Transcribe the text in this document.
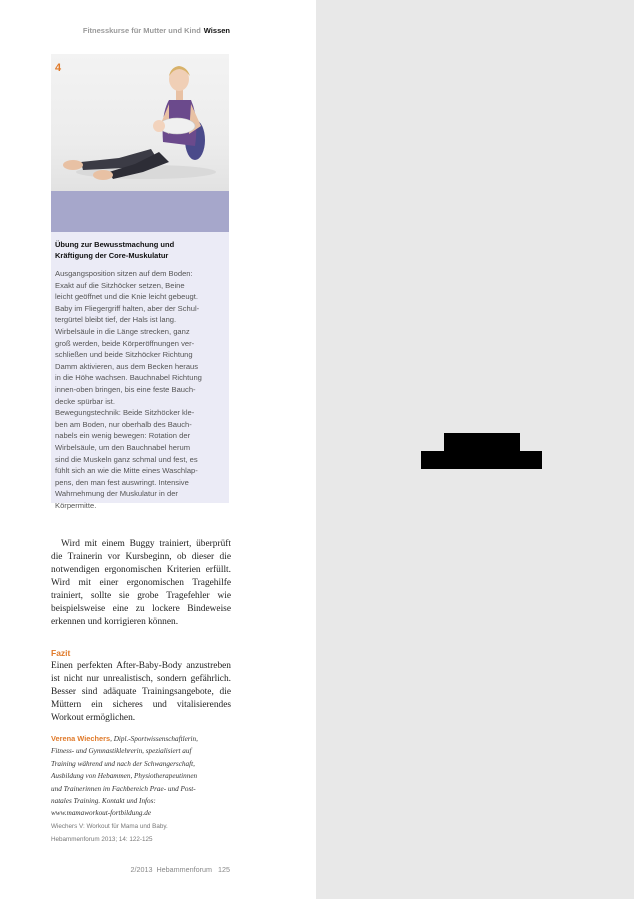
Fitnesskurse für Mutter und Kind Wissen
4
Übung zur Bewusstmachung und
Kräftigung der Core-Muskulatur

Ausgangsposition sitzen auf dem Boden:

Exakt auf die Sitzhöcker setzen, Beine

leicht geöffnet und die Knie leicht gebeugt.

Baby im Fliegergriff halten, aber der Schul-

tergürtel bleibt tief, der Hals ist lang.

Wirbelsäule in die Länge strecken, ganz

groß werden, beide Körperöffnungen ver-

schließen und beide Sitzhöcker Richtung

Damm aktivieren, aus dem Becken heraus

in die Höhe wachsen. Bauchnabel Richtung

innen-oben bringen, bis eine feste Bauch-

decke spürbar ist.

Bewegungstechnik: Beide Sitzhöcker kle-

ben am Boden, nur oberhalb des Bauch-

nabels ein wenig bewegen: Rotation der

Wirbelsäule, um den Bauchnabel herum

sind die Muskeln ganz schmal und fest, es

fühlt sich an wie die Mitte eines Waschlap-

pens, den man fest auswringt. Intensive

Wahrnehmung der Muskulatur in der

Körpermitte.

Wird mit einem Buggy trainiert, überprüft die Trainerin vor Kursbeginn, ob dieser die notwendigen ergonomischen Kriterien erfüllt. Wird mit einer ergonomischen Tragehilfe trainiert, sollte sie grobe Tragefehler wie beispielsweise eine zu lockere Bindeweise erkennen und korrigieren können.

Fazit

Einen perfekten After-Baby-Body anzustreben ist nicht nur unrealistisch, sondern gefährlich. Besser sind adäquate Trainingsangebote, die Müttern ein sicheres und vitalisierendes Workout ermöglichen.

Verena Wiechers, Dipl.-Sportwissenschaftlerin,
Fitness- und Gymnastiklehrerin, spezialisiert auf
Training während und nach der Schwangerschaft,
Ausbildung von Hebammen, Physiotherapeutinnen
und Trainerinnen im Fachbereich Prae- und Post-
natales Training. Kontakt und Infos:
www.mamaworkout-fortbildung.de
Wiechers V: Workout für Mama und Baby.
Hebammenforum 2013; 14: 122-125
2/2013 Hebammenforum 125
